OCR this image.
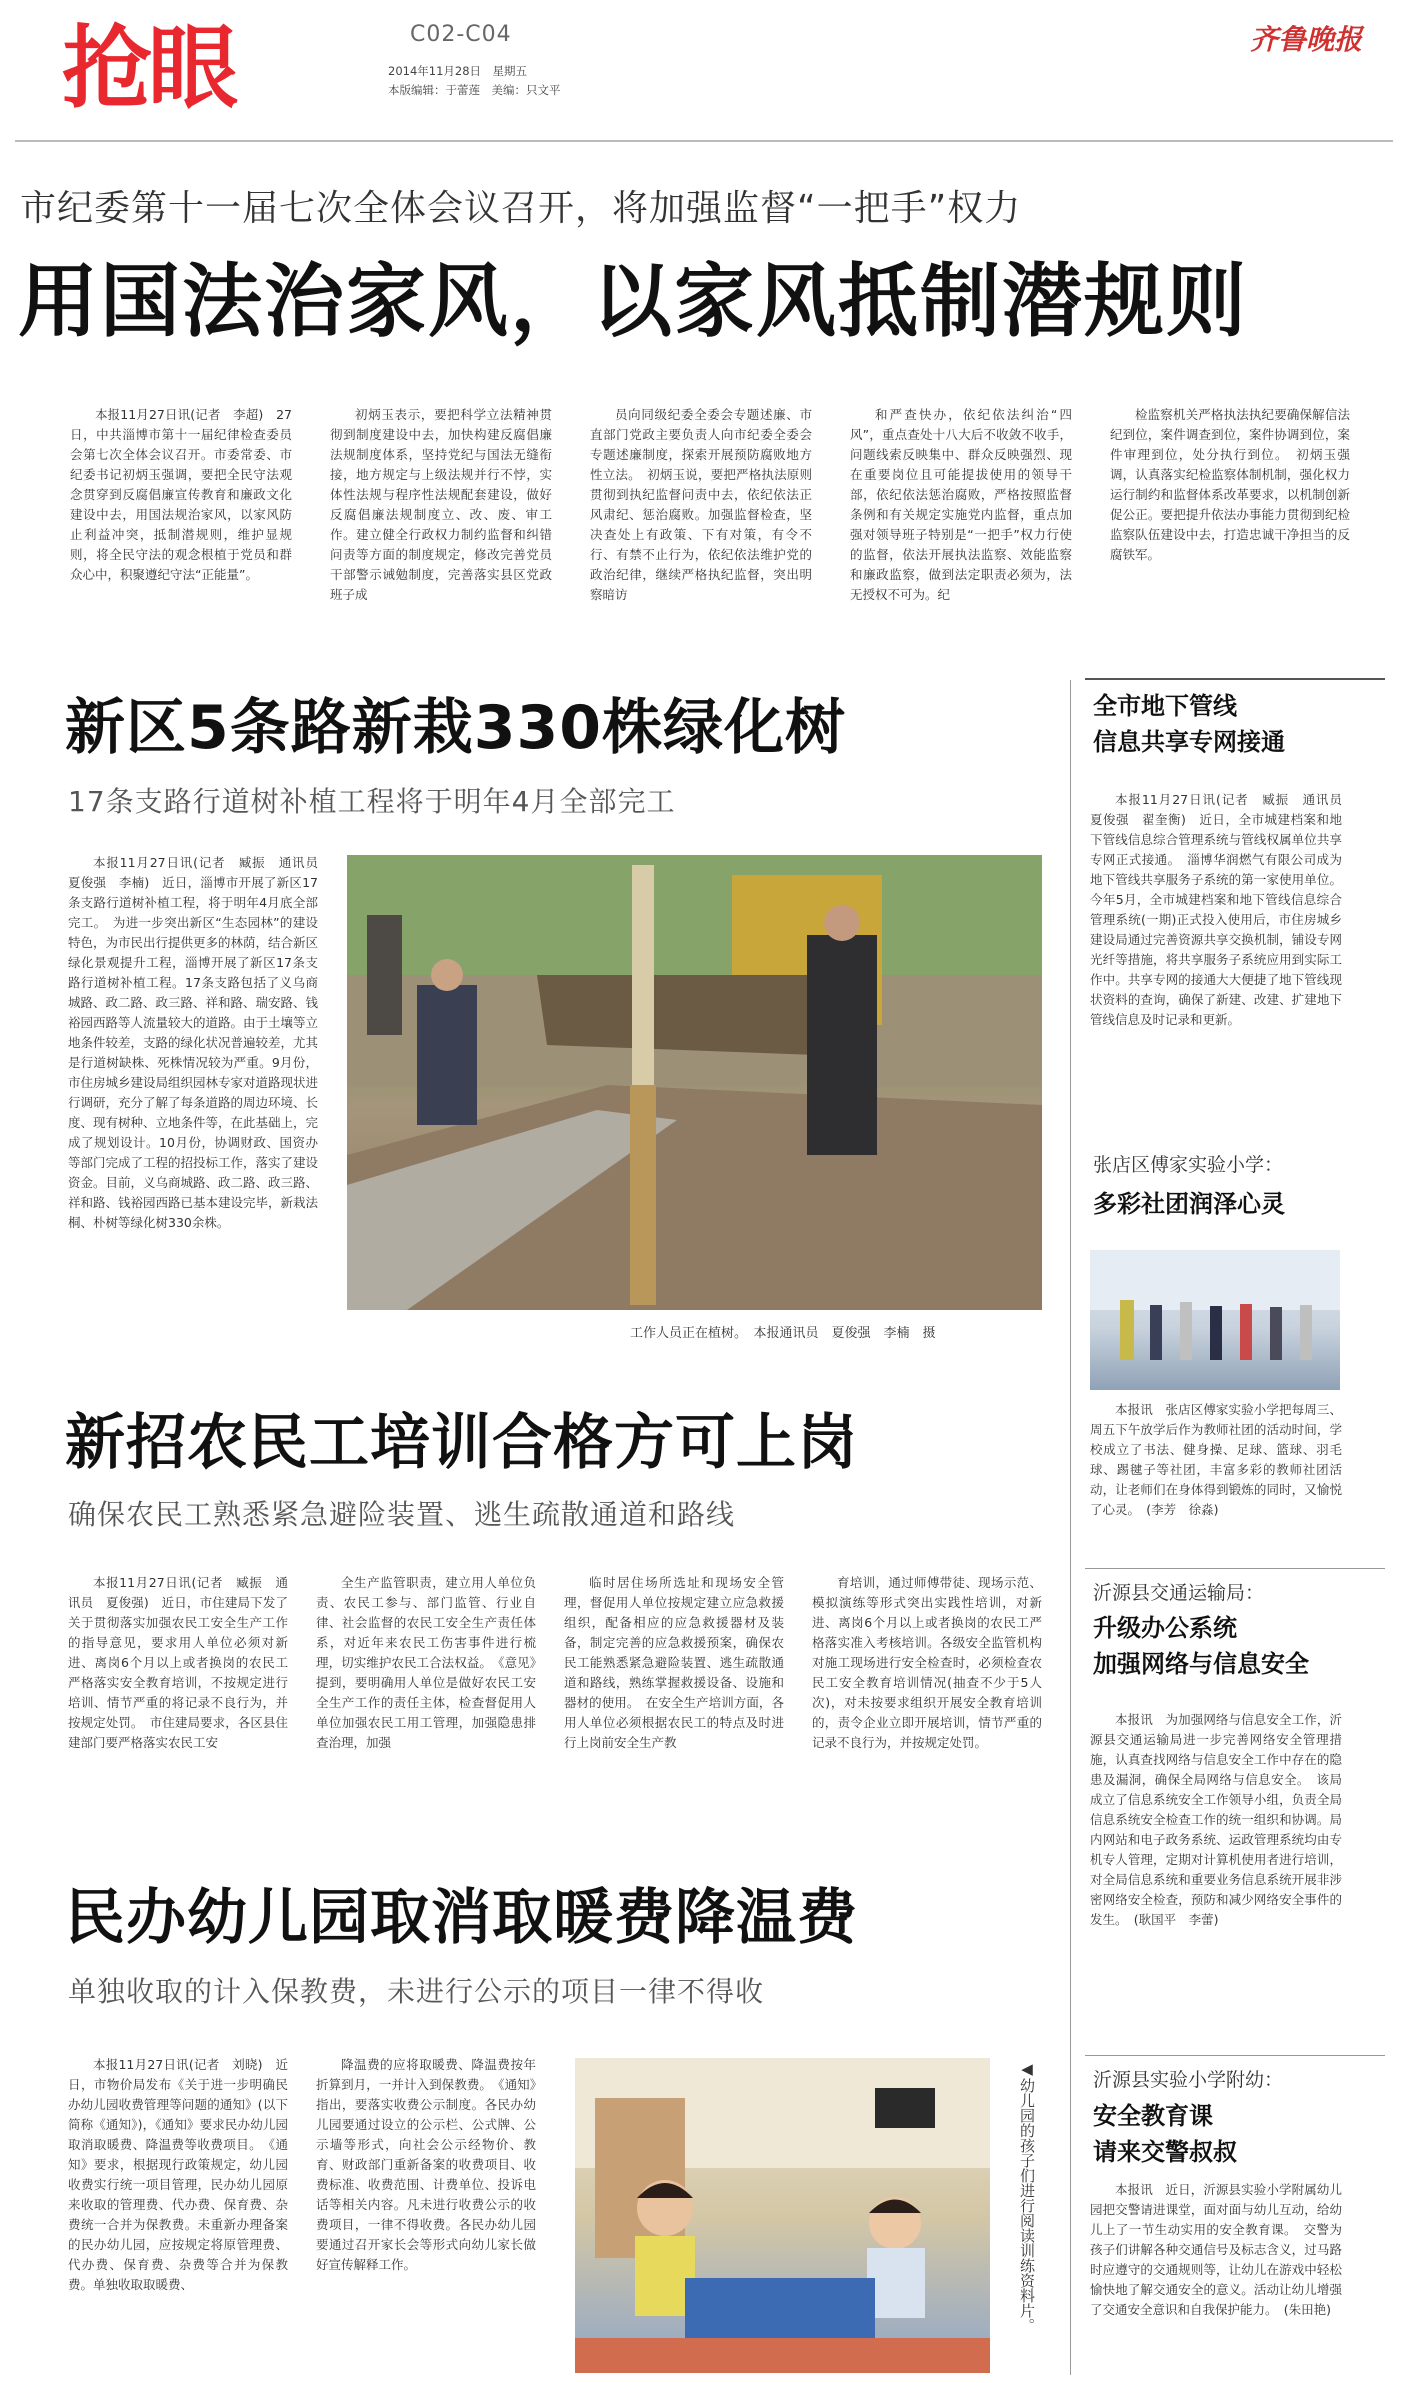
抢眼	C02-C04
2014年11月28日　星期五
本版编辑：于蕾莲　美编：只文平
齐鲁晚报
市纪委第十一届七次全体会议召开，将加强监督“一把手”权力
用国法治家风，以家风抵制潜规则

本报11月27日讯(记者　李超)　27日，中共淄博市第十一届纪律检查委员会第七次全体会议召开。市委常委、市纪委书记初炳玉强调，要把全民守法观念贯穿到反腐倡廉宣传教育和廉政文化建设中去，用国法规治家风，以家风防止利益冲突，抵制潜规则，维护显规则，将全民守法的观念根植于党员和群众心中，积聚遵纪守法“正能量”。

初炳玉表示，要把科学立法精神贯彻到制度建设中去，加快构建反腐倡廉法规制度体系，坚持党纪与国法无缝衔接，地方规定与上级法规并行不悖，实体性法规与程序性法规配套建设，做好反腐倡廉法规制度立、改、废、审工作。建立健全行政权力制约监督和纠错问责等方面的制度规定，修改完善党员干部警示诫勉制度，完善落实县区党政班子成

员向同级纪委全委会专题述廉、市直部门党政主要负责人向市纪委全委会专题述廉制度，探索开展预防腐败地方性立法。　初炳玉说，要把严格执法原则贯彻到执纪监督问责中去，依纪依法正风肃纪、惩治腐败。加强监督检查，坚决查处上有政策、下有对策，有令不行、有禁不止行为，依纪依法维护党的政治纪律，继续严格执纪监督，突出明察暗访

和严查快办，依纪依法纠治“四风”，重点查处十八大后不收敛不收手，问题线索反映集中、群众反映强烈、现在重要岗位且可能提拔使用的领导干部，依纪依法惩治腐败，严格按照监督条例和有关规定实施党内监督，重点加强对领导班子特别是“一把手”权力行使的监督，依法开展执法监察、效能监察和廉政监察，做到法定职责必须为，法无授权不可为。纪

检监察机关严格执法执纪要确保解信法纪到位，案件调查到位，案件协调到位，案件审理到位，处分执行到位。　初炳玉强调，认真落实纪检监察体制机制，强化权力运行制约和监督体系改革要求，以机制创新促公正。要把提升依法办事能力贯彻到纪检监察队伍建设中去，打造忠诚干净担当的反腐铁军。

新区5条路新栽330株绿化树
17条支路行道树补植工程将于明年4月全部完工

本报11月27日讯(记者　臧振　通讯员　夏俊强　李楠)　近日，淄博市开展了新区17条支路行道树补植工程，将于明年4月底全部完工。　为进一步突出新区“生态园林”的建设特色，为市民出行提供更多的林荫，结合新区绿化景观提升工程，淄博开展了新区17条支路行道树补植工程。17条支路包括了义乌商城路、政二路、政三路、祥和路、瑞安路、钱裕园西路等人流量较大的道路。由于土壤等立地条件较差，支路的绿化状况普遍较差，尤其是行道树缺株、死株情况较为严重。9月份，市住房城乡建设局组织园林专家对道路现状进行调研，充分了解了每条道路的周边环境、长度、现有树种、立地条件等，在此基础上，完成了规划设计。10月份，协调财政、国资办等部门完成了工程的招投标工作，落实了建设资金。目前，义乌商城路、政二路、政三路、祥和路、钱裕园西路已基本建设完毕，新栽法桐、朴树等绿化树330余株。

工作人员正在植树。　本报通讯员　夏俊强　李楠　摄
新招农民工培训合格方可上岗
确保农民工熟悉紧急避险装置、逃生疏散通道和路线

本报11月27日讯(记者　臧振　通讯员　夏俊强)　近日，市住建局下发了关于贯彻落实加强农民工安全生产工作的指导意见，要求用人单位必须对新进、离岗6个月以上或者换岗的农民工严格落实安全教育培训，不按规定进行培训、情节严重的将记录不良行为，并按规定处罚。　市住建局要求，各区县住建部门要严格落实农民工安

全生产监管职责，建立用人单位负责、农民工参与、部门监管、行业自律、社会监督的农民工安全生产责任体系，对近年来农民工伤害事件进行梳理，切实维护农民工合法权益。　《意见》提到，要明确用人单位是做好农民工安全生产工作的责任主体，检查督促用人单位加强农民工用工管理，加强隐患排查治理，加强

临时居住场所选址和现场安全管理，督促用人单位按规定建立应急救援组织，配备相应的应急救援器材及装备，制定完善的应急救援预案，确保农民工能熟悉紧急避险装置、逃生疏散通道和路线，熟练掌握救援设备、设施和器材的使用。　在安全生产培训方面，各用人单位必须根据农民工的特点及时进行上岗前安全生产教

育培训，通过师傅带徒、现场示范、模拟演练等形式突出实践性培训，对新进、离岗6个月以上或者换岗的农民工严格落实准入考核培训。各级安全监管机构对施工现场进行安全检查时，必须检查农民工安全教育培训情况(抽查不少于5人次)，对未按要求组织开展安全教育培训的，责令企业立即开展培训，情节严重的记录不良行为，并按规定处罚。

民办幼儿园取消取暖费降温费
单独收取的计入保教费，未进行公示的项目一律不得收

本报11月27日讯(记者　刘晓)　近日，市物价局发布《关于进一步明确民办幼儿园收费管理等问题的通知》(以下简称《通知》)，《通知》要求民办幼儿园取消取暖费、降温费等收费项目。　《通知》要求，根据现行政策规定，幼儿园收费实行统一项目管理，民办幼儿园原来收取的管理费、代办费、保育费、杂费统一合并为保教费。未重新办理备案的民办幼儿园，应按规定将原管理费、代办费、保育费、杂费等合并为保教费。单独收取取暖费、

降温费的应将取暖费、降温费按年折算到月，一并计入到保教费。　《通知》指出，要落实收费公示制度。各民办幼儿园要通过设立的公示栏、公式牌、公示墙等形式，向社会公示经物价、教育、财政部门重新备案的收费项目、收费标准、收费范围、计费单位、投诉电话等相关内容。凡未进行收费公示的收费项目，一律不得收费。各民办幼儿园要通过召开家长会等形式向幼儿家长做好宣传解释工作。	◀幼儿园的孩子们进行阅读训练资料片。
全市地下管线
信息共享专网接通

本报11月27日讯(记者　臧振　通讯员　夏俊强　翟奎衡)　近日，全市城建档案和地下管线信息综合管理系统与管线权属单位共享专网正式接通。　淄博华润燃气有限公司成为地下管线共享服务子系统的第一家使用单位。今年5月，全市城建档案和地下管线信息综合管理系统(一期)正式投入使用后，市住房城乡建设局通过完善资源共享交换机制，铺设专网光纤等措施，将共享服务子系统应用到实际工作中。共享专网的接通大大便捷了地下管线现状资料的查询，确保了新建、改建、扩建地下管线信息及时记录和更新。

张店区傅家实验小学：
多彩社团润泽心灵

本报讯　张店区傅家实验小学把每周三、周五下午放学后作为教师社团的活动时间，学校成立了书法、健身操、足球、篮球、羽毛球、踢毽子等社团，丰富多彩的教师社团活动，让老师们在身体得到锻炼的同时，又愉悦了心灵。　(李芳　徐淼)

沂源县交通运输局：
升级办公系统
加强网络与信息安全

本报讯　为加强网络与信息安全工作，沂源县交通运输局进一步完善网络安全管理措施，认真查找网络与信息安全工作中存在的隐患及漏洞，确保全局网络与信息安全。　该局成立了信息系统安全工作领导小组，负责全局信息系统安全检查工作的统一组织和协调。局内网站和电子政务系统、运政管理系统均由专机专人管理，定期对计算机使用者进行培训，对全局信息系统和重要业务信息系统开展非涉密网络安全检查，预防和减少网络安全事件的发生。　(耿国平　李蕾)

沂源县实验小学附幼：
安全教育课
请来交警叔叔

本报讯　近日，沂源县实验小学附属幼儿园把交警请进课堂，面对面与幼儿互动，给幼儿上了一节生动实用的安全教育课。　交警为孩子们讲解各种交通信号及标志含义，过马路时应遵守的交通规则等，让幼儿在游戏中轻松愉快地了解交通安全的意义。活动让幼儿增强了交通安全意识和自我保护能力。　(朱田艳)
